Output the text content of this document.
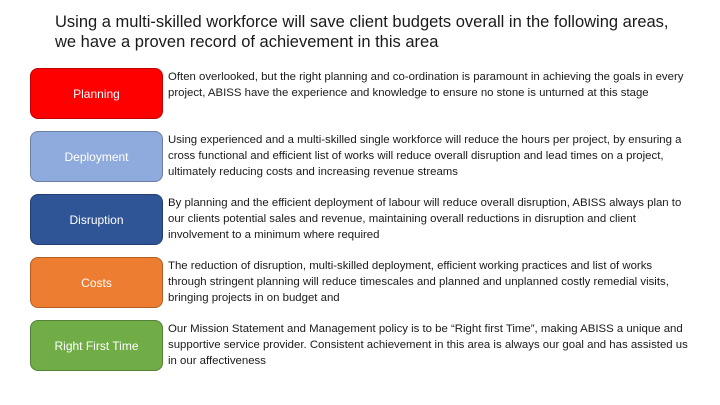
Using a multi-skilled workforce will save client budgets overall in the following areas, we have a proven record of achievement in this area
Planning

Often overlooked, but the right planning and co-ordination is paramount in achieving the goals in every project, ABISS have the experience and knowledge to ensure no stone is unturned at this stage

Deployment

Using experienced and a multi-skilled single workforce will reduce the hours per project, by ensuring a cross functional and efficient list of works will reduce overall disruption and lead times on a project, ultimately reducing costs and increasing revenue streams

Disruption

By planning and the efficient deployment of labour will reduce overall disruption, ABISS always plan to our clients potential sales and revenue, maintaining overall reductions in disruption and client involvement to a minimum where required

Costs

The reduction of disruption, multi-skilled deployment, efficient working practices and list of works through stringent planning will reduce timescales and planned and unplanned costly remedial visits, bringing projects in on budget and

Right First Time

Our Mission Statement and Management policy is to be “Right first Time”, making ABISS a unique and supportive service provider. Consistent achievement in this area is always our goal and has assisted us in our affectiveness
